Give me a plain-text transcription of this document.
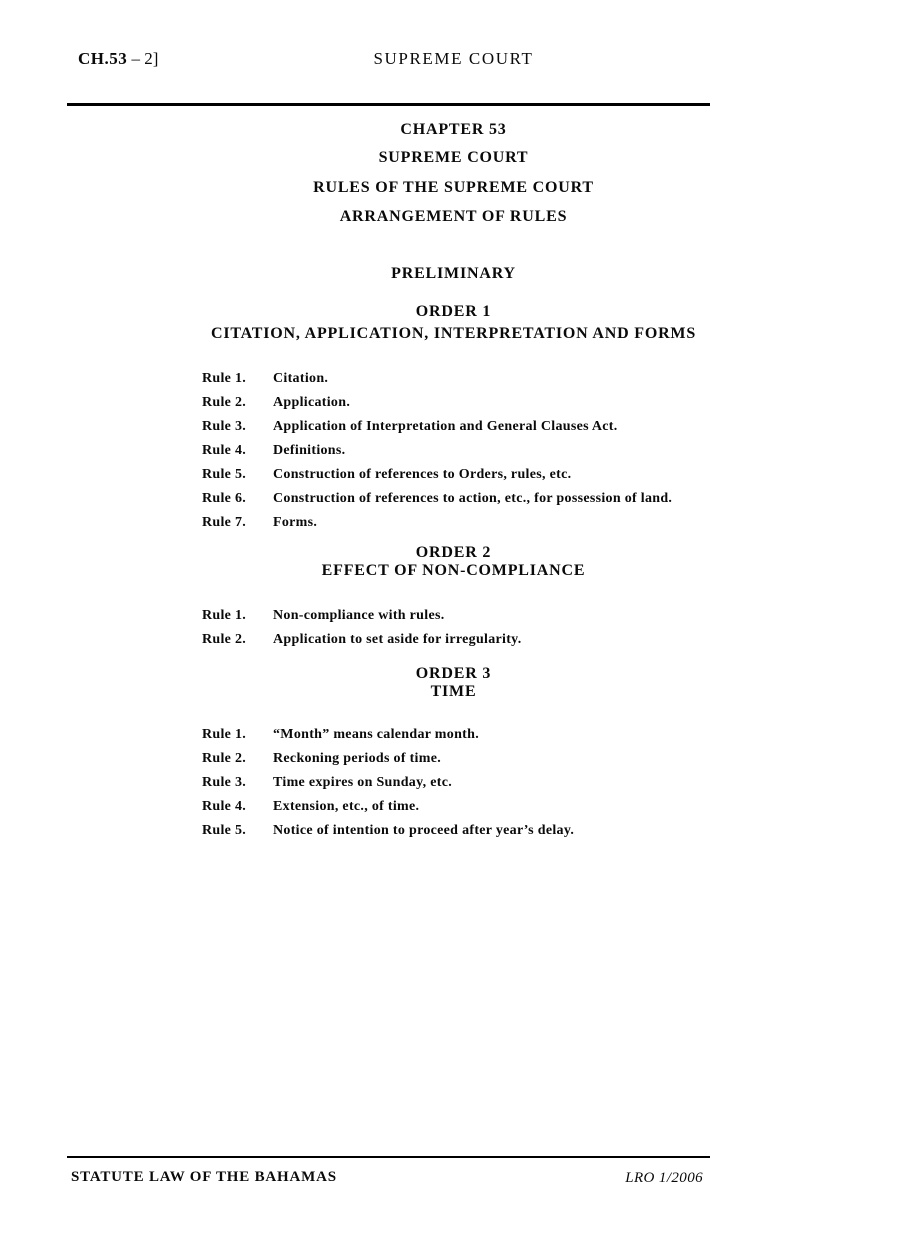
CH.53 – 2]	SUPREME COURT
CHAPTER 53
SUPREME COURT
RULES OF THE SUPREME COURT
ARRANGEMENT OF RULES
PRELIMINARY
ORDER 1
CITATION, APPLICATION, INTERPRETATION AND FORMS
Rule 1. Citation.
Rule 2. Application.
Rule 3. Application of Interpretation and General Clauses Act.
Rule 4. Definitions.
Rule 5. Construction of references to Orders, rules, etc.
Rule 6. Construction of references to action, etc., for possession of land.
Rule 7. Forms.
ORDER 2
EFFECT OF NON-COMPLIANCE
Rule 1. Non-compliance with rules.
Rule 2. Application to set aside for irregularity.
ORDER 3
TIME
Rule 1. “Month” means calendar month.
Rule 2. Reckoning periods of time.
Rule 3. Time expires on Sunday, etc.
Rule 4. Extension, etc., of time.
Rule 5. Notice of intention to proceed after year’s delay.
STATUTE LAW OF THE BAHAMAS	LRO 1/2006
